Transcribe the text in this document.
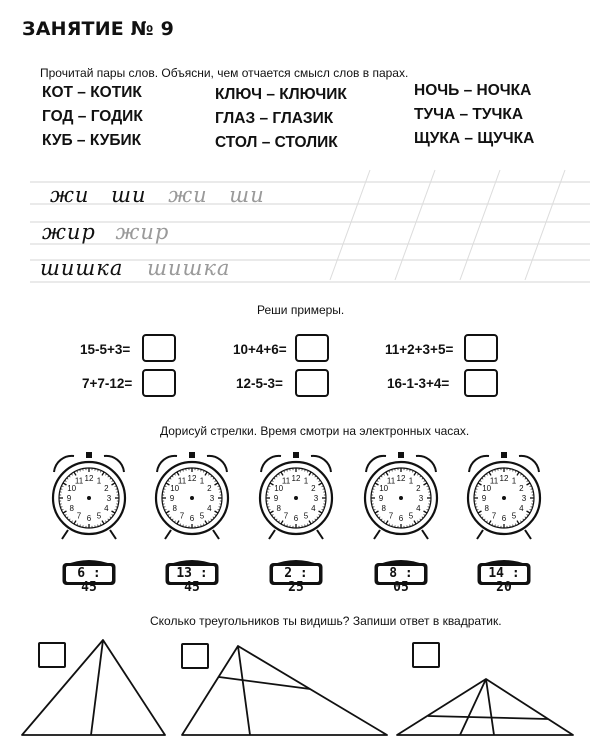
ЗАНЯТИЕ № 9
Прочитай пары слов. Объясни, чем отчается смысл слов в парах.
КОТ – КОТИК
ГОД – ГОДИК
КУБ – КУБИК
КЛЮЧ – КЛЮЧИК
ГЛАЗ – ГЛАЗИК
СТОЛ – СТОЛИК
НОЧЬ – НОЧКА
ТУЧА – ТУЧКА
ЩУКА – ЩУЧКА
жи ши жи ши
жир жир
шишка шишка
Реши примеры.
15-5+3=
7+7-12=
10+4+6=
12-5-3=
11+2+3+5=
16-1-3+4=
Дорисуй стрелки. Время смотри на электронных часах.
12 1
2
3
4
5
6
7
8
9
10
11
6 : 45
12 1
2
3
4
5
6
7
8
9
10
11
13 : 45
12 1
2
3
4
5
6
7
8
9
10
11
2 : 25
12 1
2
3
4
5
6
7
8
9
10
11
8 : 05
12 1
2
3
4
5
6
7
8
9
10
11
14 : 20
Сколько треугольников ты видишь? Запиши ответ в квадратик.
